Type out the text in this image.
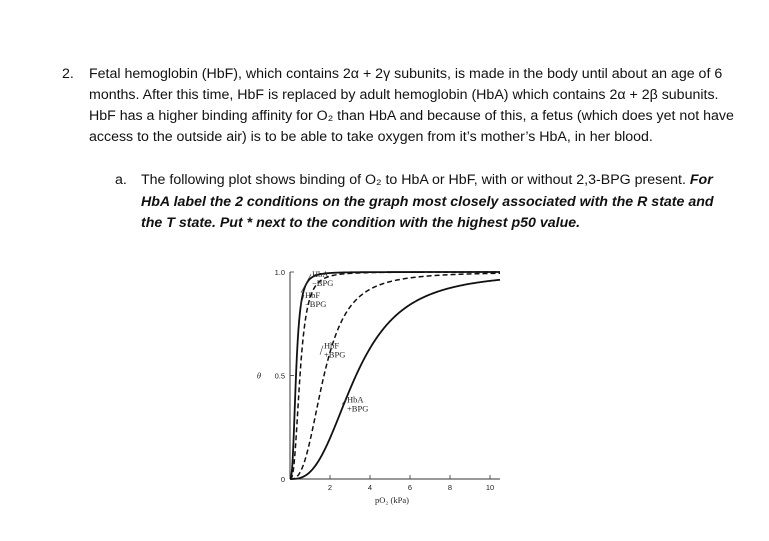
2. Fetal hemoglobin (HbF), which contains 2α + 2γ subunits, is made in the body until about an age of 6 months. After this time, HbF is replaced by adult hemoglobin (HbA) which contains 2α + 2β subunits. HbF has a higher binding affinity for O₂ than HbA and because of this, a fetus (which does yet not have access to the outside air) is to be able to take oxygen from it’s mother’s HbA, in her blood.
a. The following plot shows binding of O₂ to HbA or HbF, with or without 2,3-BPG present. For HbA label the 2 conditions on the graph most closely associated with the R state and the T state. Put * next to the condition with the highest p50 value.
2	4	6	8	10
0
0.5
1.0
θ
pO₂ (kPa)
HbA
−BPG
HbF
−BPG
HbF
+BPG
HbA
+BPG
